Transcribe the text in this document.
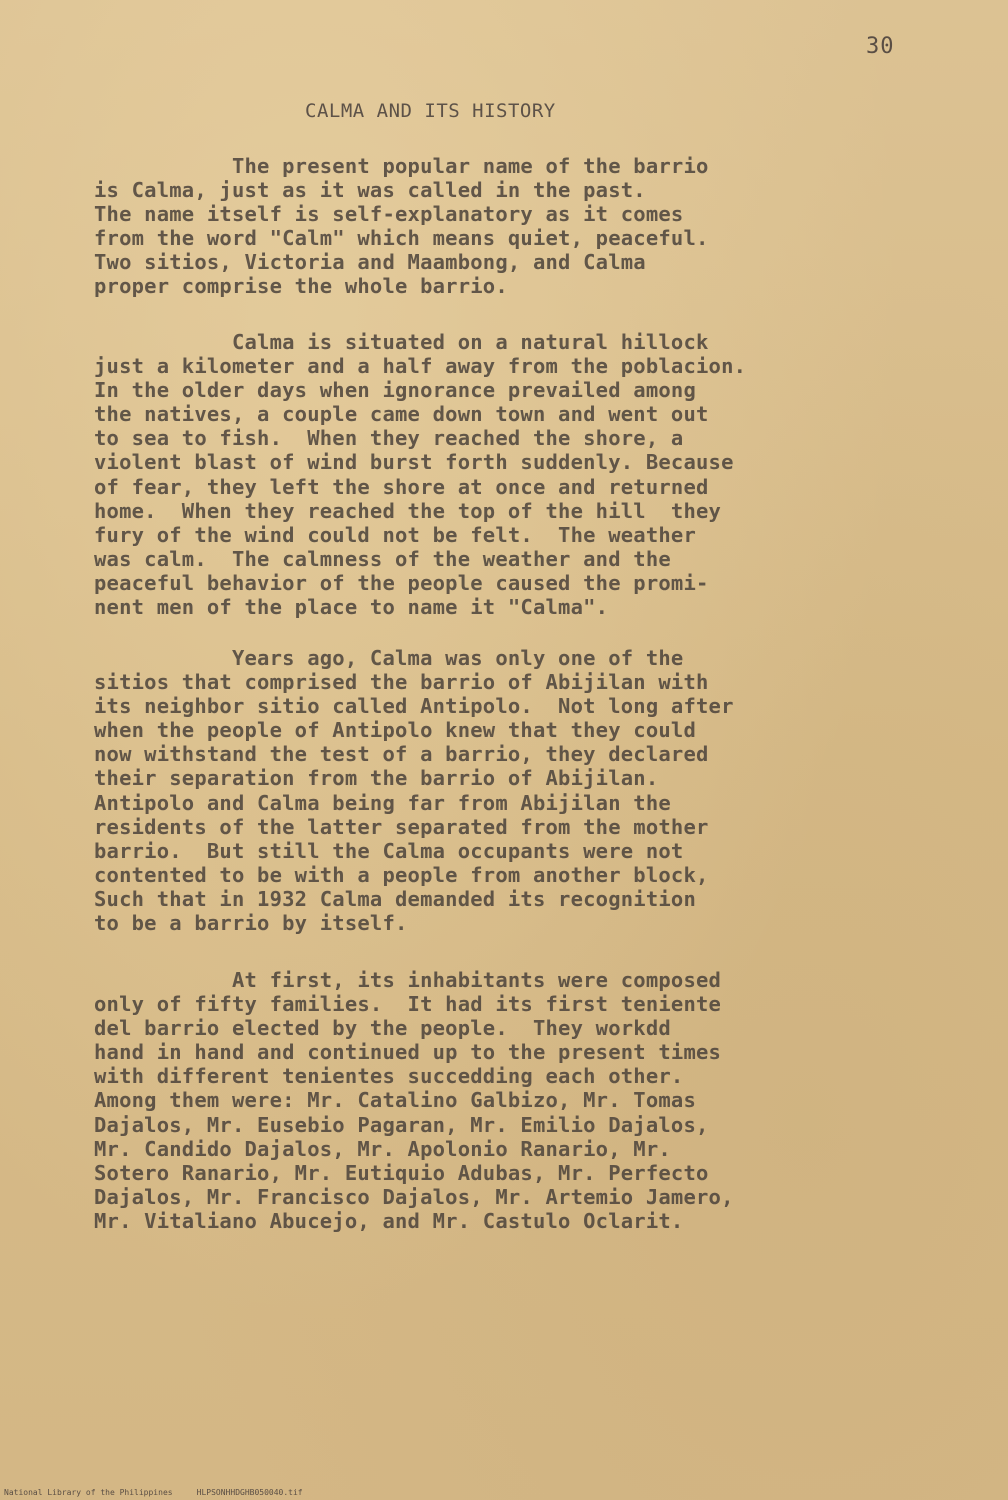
30
CALMA AND ITS HISTORY
The present popular name of the barrio
is Calma, just as it was called in the past.
The name itself is self-explanatory as it comes
from the word "Calm" which means quiet, peaceful.
Two sitios, Victoria and Maambong, and Calma
proper comprise the whole barrio.
Calma is situated on a natural hillock
just a kilometer and a half away from the poblacion.
In the older days when ignorance prevailed among
the natives, a couple came down town and went out
to sea to fish.  When they reached the shore, a
violent blast of wind burst forth suddenly. Because
of fear, they left the shore at once and returned
home.  When they reached the top of the hill  they
fury of the wind could not be felt.  The weather
was calm.  The calmness of the weather and the
peaceful behavior of the people caused the promi-
nent men of the place to name it "Calma".
Years ago, Calma was only one of the
sitios that comprised the barrio of Abijilan with
its neighbor sitio called Antipolo.  Not long after
when the people of Antipolo knew that they could
now withstand the test of a barrio, they declared
their separation from the barrio of Abijilan.
Antipolo and Calma being far from Abijilan the
residents of the latter separated from the mother
barrio.  But still the Calma occupants were not
contented to be with a people from another block,
Such that in 1932 Calma demanded its recognition
to be a barrio by itself.
At first, its inhabitants were composed
only of fifty families.  It had its first teniente
del barrio elected by the people.  They workdd
hand in hand and continued up to the present times
with different tenientes succedding each other.
Among them were: Mr. Catalino Galbizo, Mr. Tomas
Dajalos, Mr. Eusebio Pagaran, Mr. Emilio Dajalos,
Mr. Candido Dajalos, Mr. Apolonio Ranario, Mr.
Sotero Ranario, Mr. Eutiquio Adubas, Mr. Perfecto
Dajalos, Mr. Francisco Dajalos, Mr. Artemio Jamero,
Mr. Vitaliano Abucejo, and Mr. Castulo Oclarit.
National Library of the Philippines     HLPSONHHDGHB050040.tif
